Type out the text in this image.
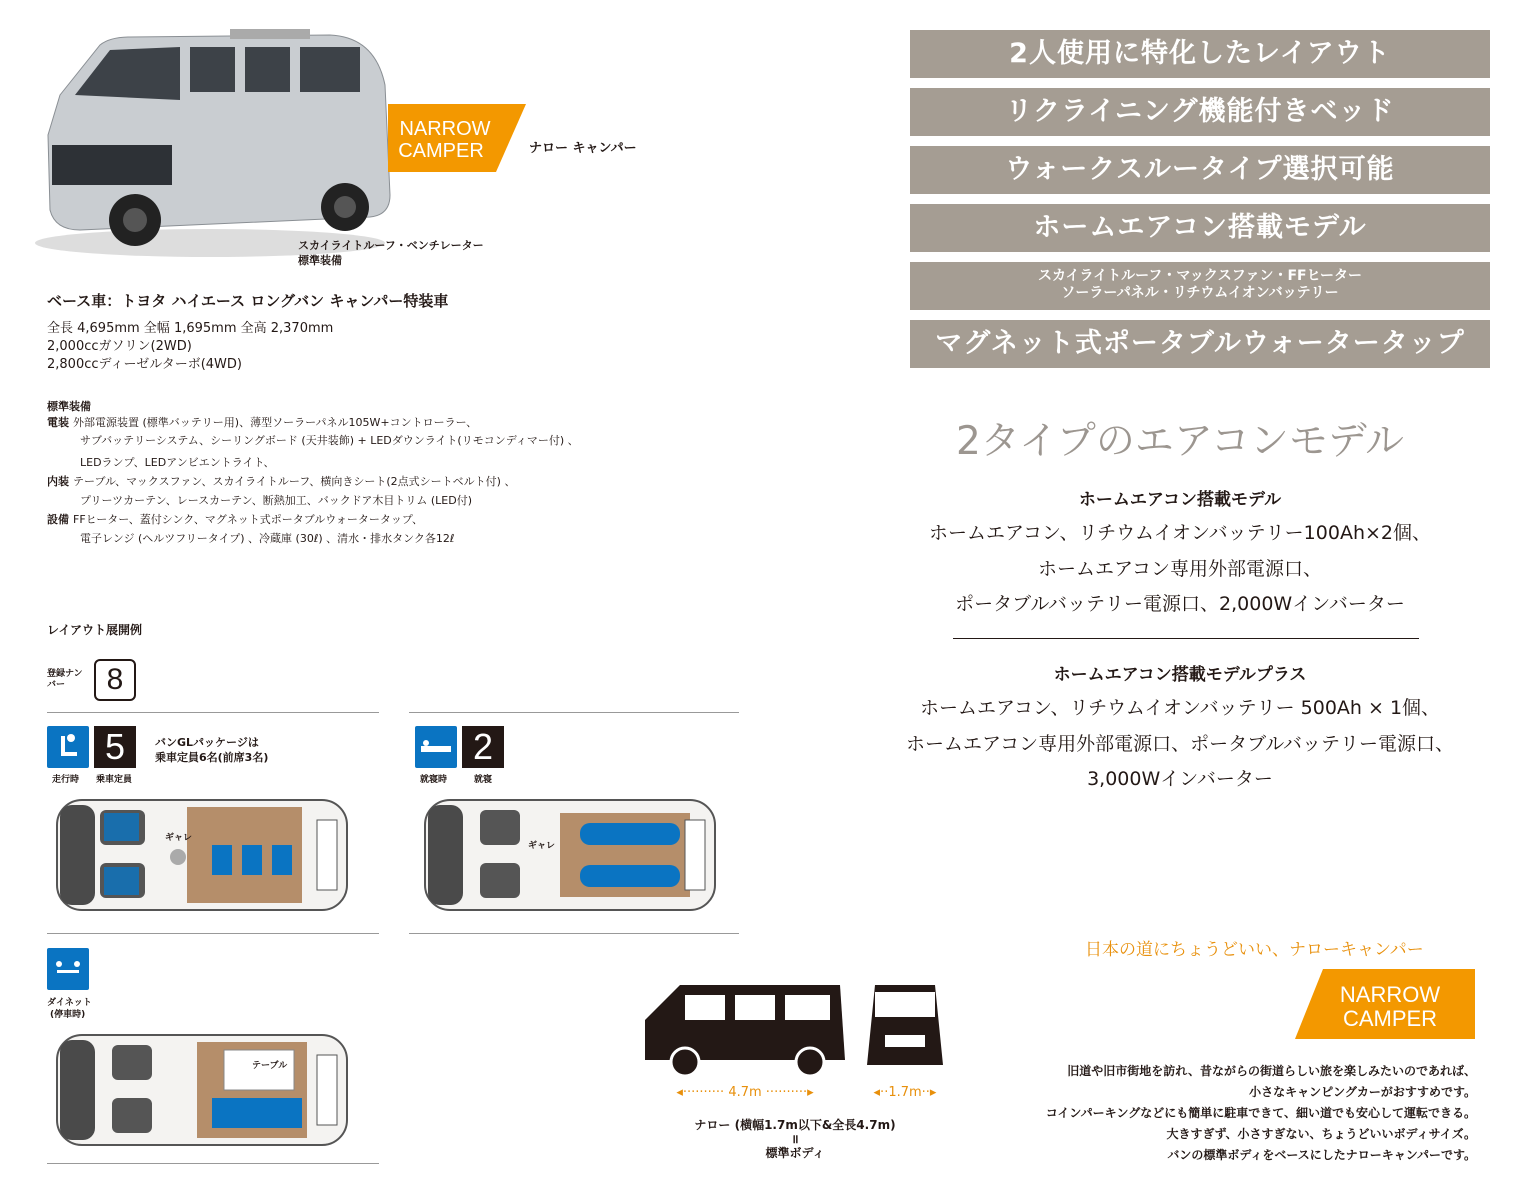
NARROW
CAMPER	ナロー キャンパー
スカイライトルーフ・ベンチレーター
標準装備
ベース車：トヨタ ハイエース ロングバン キャンパー特装車
全長 4,695mm 全幅 1,695mm 全高 2,370mm
2,000ccガソリン(2WD)
2,800ccディーゼルターボ(4WD)
標準装備
電装 外部電源装置 (標準バッテリー用)、薄型ソーラーパネル105W+コントローラー、
サブバッテリーシステム、シーリングボード (天井装飾) + LEDダウンライト(リモコンディマー付) 、
LEDランプ、LEDアンビエントライト、
内装 テーブル、マックスファン、スカイライトルーフ、横向きシート(2点式シートベルト付) 、
プリーツカーテン、レースカーテン、断熱加工、バックドア木目トリム (LED付)
設備 FFヒーター、蓋付シンク、マグネット式ポータブルウォータータップ、
電子レンジ (ヘルツフリータイプ) 、冷蔵庫 (30ℓ) 、清水・排水タンク各12ℓ
2人使用に特化したレイアウト
リクライニング機能付きベッド
ウォークスルータイプ選択可能
ホームエアコン搭載モデル
スカイライトルーフ・マックスファン・FFヒーター
ソーラーパネル・リチウムイオンバッテリー
マグネット式ポータブルウォータータップ
2タイプのエアコンモデル
ホームエアコン搭載モデル
ホームエアコン、リチウムイオンバッテリー100Ah×2個、
ホームエアコン専用外部電源口、
ポータブルバッテリー電源口、2,000Wインバーター
ホームエアコン搭載モデルプラス
ホームエアコン、リチウムイオンバッテリー 500Ah × 1個、
ホームエアコン専用外部電源口、ポータブルバッテリー電源口、
3,000Wインバーター
レイアウト展開例
登録ナンバー	8
5
走行時 乗車定員
バンGLパッケージは
乗車定員6名(前席3名)	2
就寝時	就寝
ギャレ
ギャレ
ダイネット
(停車時)
テーブル
日本の道にちょうどいい、ナローキャンパー
NARROW
CAMPER
旧道や旧市街地を訪れ、昔ながらの街道らしい旅を楽しみたいのであれば、
小さなキャンピングカーがおすすめです。
コインパーキングなどにも簡単に駐車できて、細い道でも安心して運転できる。
大きすぎず、小さすぎない、ちょうどいいボディサイズ。
バンの標準ボディをベースにしたナローキャンパーです。
◂·········· 4.7m ··········▸	◂··1.7m··▸
ナロー (横幅1.7m以下&全長4.7m)
॥
標準ボディ
